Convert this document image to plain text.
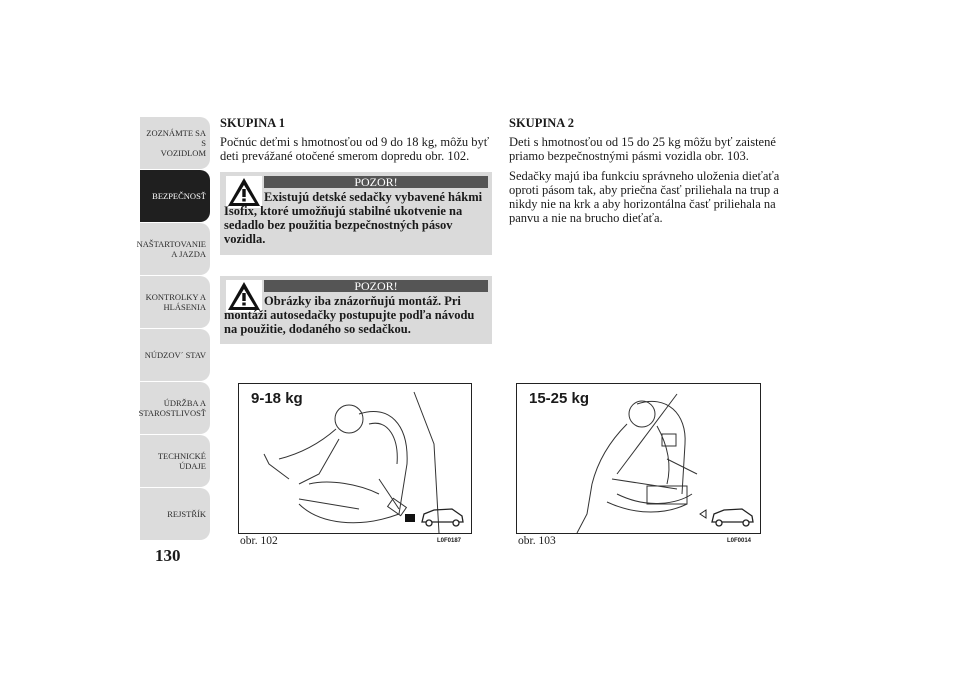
ZOZNÁMTE SA S
VOZIDLOM
BEZPEČNOSŤ
NAŠTARTOVANIE
A JAZDA
KONTROLKY A
HLÁSENIA
NÚDZOV´ STAV
ÚDRŽBA A
STAROSTLIVOSŤ
TECHNICKÉ
ÚDAJE
REJSTŘÍK
130
SKUPINA 1

Počnúc deťmi s hmotnosťou od 9 do 18 kg, môžu byť deti prevážané otočené smerom dopredu obr. 102.

POZOR!
Existujú detské sedačky vybavené hákmi Isofix, ktoré umožňujú stabilné ukotvenie na sedadlo bez použitia bezpečnostných pásov vozidla.
POZOR!
Obrázky iba znázorňujú montáž. Pri montáži autosedačky postupujte podľa návodu na použitie, dodaného so sedačkou.
SKUPINA 2

Deti s hmotnosťou od 15 do 25 kg môžu byť zaistené priamo bezpečnostnými pásmi vozidla obr. 103.

Sedačky majú iba funkciu správneho uloženia dieťaťa oproti pásom tak, aby priečna časť priliehala na trup a nikdy nie na krk a aby horizontálna časť priliehala na panvu a nie na brucho dieťaťa.

9-18 kg
obr. 102	L0F0187
15-25 kg
obr. 103	L0F0014
